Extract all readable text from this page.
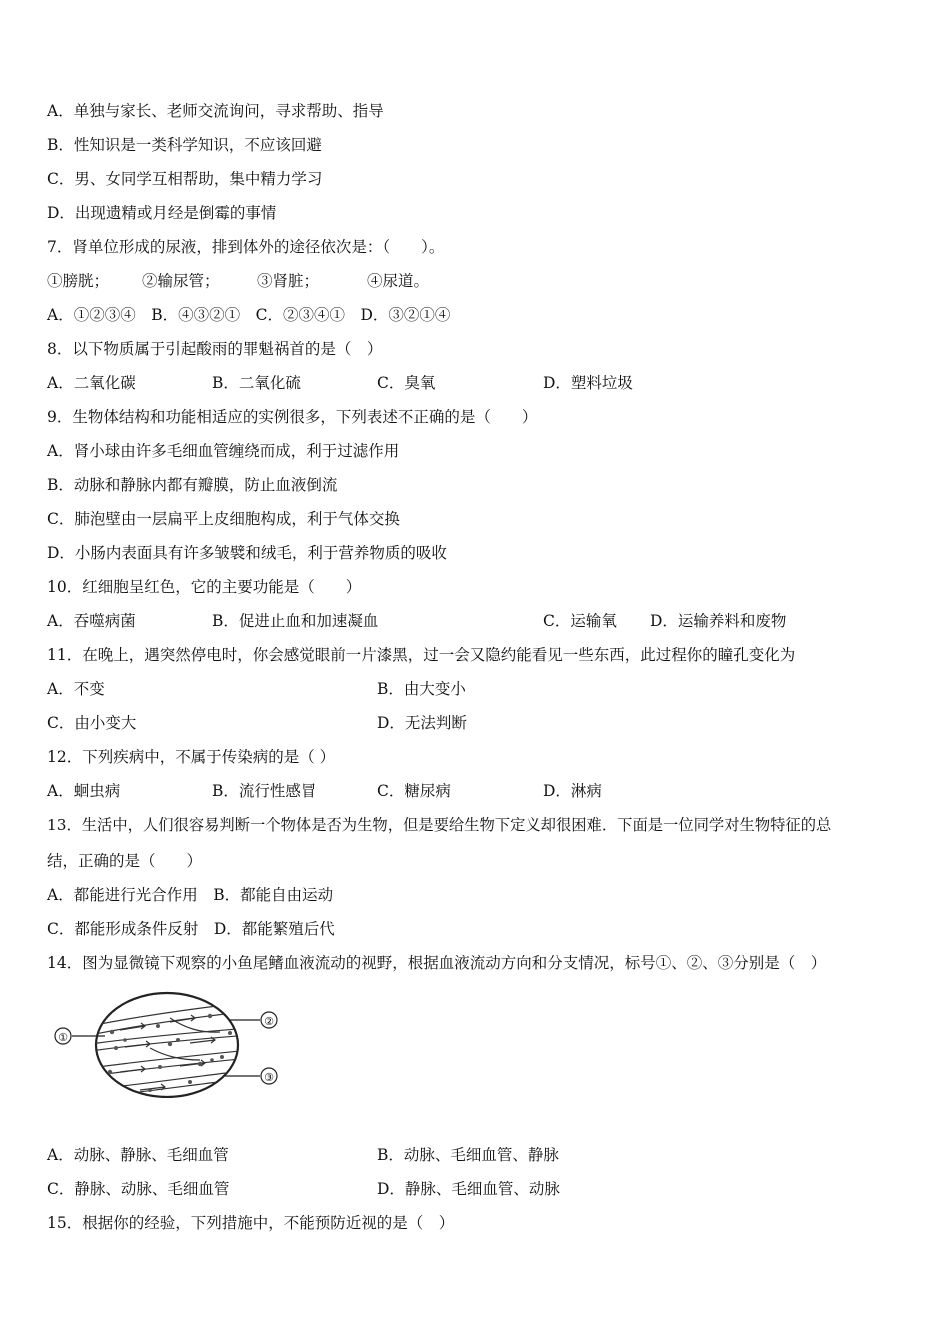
A．单独与家长、老师交流询问，寻求帮助、指导
B．性知识是一类科学知识，不应该回避
C．男、女同学互相帮助，集中精力学习
D．出现遗精或月经是倒霉的事情
7．肾单位形成的尿液，排到体外的途径依次是：（　　）。
①膀胱； ②输尿管； ③肾脏；	④尿道。
A．①②③④　B．④③②①　C．②③④①　D．③②①④
8．以下物质属于引起酸雨的罪魁祸首的是（　）
A．二氧化碳	B．二氧化硫	C．臭氧	D．塑料垃圾
9．生物体结构和功能相适应的实例很多，下列表述不正确的是（　　）
A．肾小球由许多毛细血管缠绕而成，利于过滤作用
B．动脉和静脉内都有瓣膜，防止血液倒流
C．肺泡壁由一层扁平上皮细胞构成，利于气体交换
D．小肠内表面具有许多皱襞和绒毛，利于营养物质的吸收
10．红细胞呈红色，它的主要功能是（　　）
A．吞噬病菌	B．促进止血和加速凝血	C．运输氧 D．运输养料和废物
11．在晚上，遇突然停电时，你会感觉眼前一片漆黑，过一会又隐约能看见一些东西，此过程你的瞳孔变化为
A．不变	B．由大变小
C．由小变大	D．无法判断
12．下列疾病中，不属于传染病的是（ ）
A．蛔虫病	B．流行性感冒	C．糖尿病	D．淋病
13．生活中，人们很容易判断一个物体是否为生物，但是要给生物下定义却很困难．下面是一位同学对生物特征的总
结，正确的是（　　）
A．都能进行光合作用　B．都能自由运动
C．都能形成条件反射　D．都能繁殖后代
14．图为显微镜下观察的小鱼尾鳍血液流动的视野，根据血液流动方向和分支情况，标号①、②、③分别是（　）
①
②
③
A．动脉、静脉、毛细血管	B．动脉、毛细血管、静脉
C．静脉、动脉、毛细血管	D．静脉、毛细血管、动脉
15．根据你的经验，下列措施中，不能预防近视的是（　）
